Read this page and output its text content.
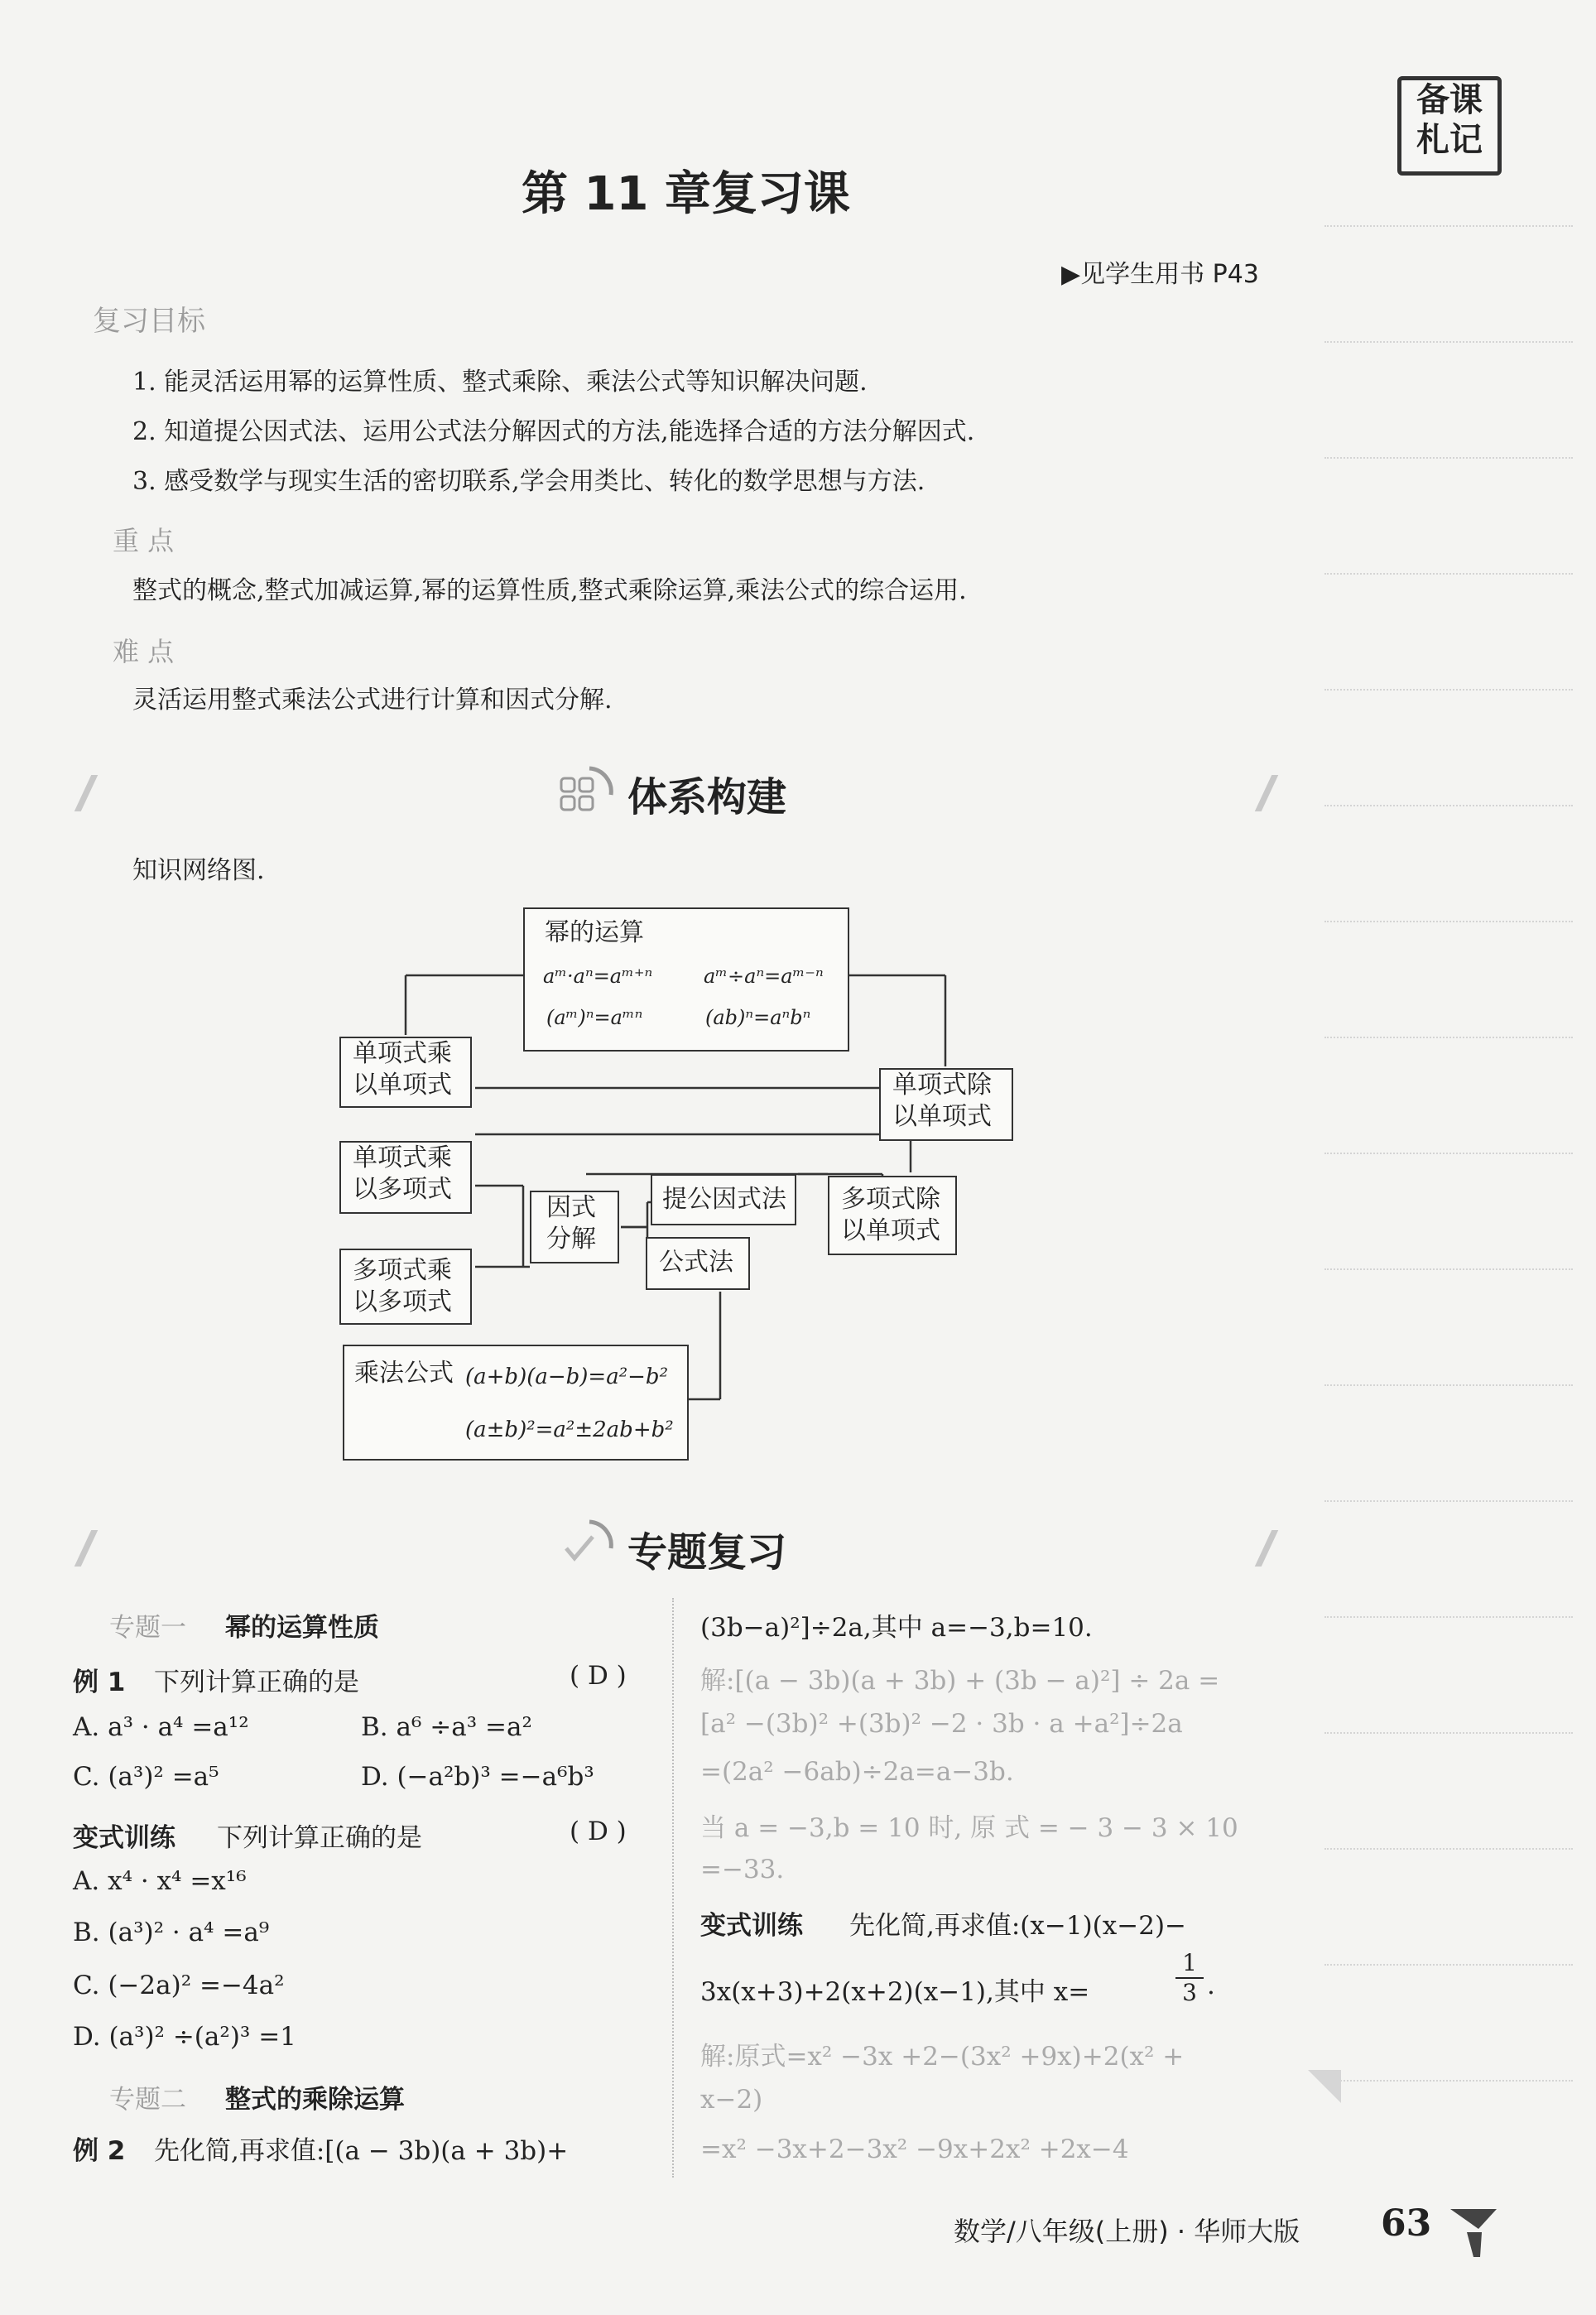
备课
札记
第 11 章复习课
▶见学生用书 P43
复习目标
1. 能灵活运用幂的运算性质、整式乘除、乘法公式等知识解决问题.
2. 知道提公因式法、运用公式法分解因式的方法,能选择合适的方法分解因式.
3. 感受数学与现实生活的密切联系,学会用类比、转化的数学思想与方法.
重 点
整式的概念,整式加减运算,幂的运算性质,整式乘除运算,乘法公式的综合运用.
难 点
灵活运用整式乘法公式进行计算和因式分解.
体系构建
知识网络图.
幂的运算
aᵐ·aⁿ=aᵐ⁺ⁿ	aᵐ÷aⁿ=aᵐ⁻ⁿ
(aᵐ)ⁿ=aᵐⁿ	(ab)ⁿ=aⁿbⁿ
单项式乘
以单项式	单项式除
以单项式
单项式乘
以多项式
因式
分解
提公因式法	多项式除
以单项式
公式法
多项式乘
以多项式
乘法公式 (a+b)(a−b)=a²−b²
(a±b)²=a²±2ab+b²
专题复习
专题一 幂的运算性质
例 1 下列计算正确的是	( D )
A. a³ · a⁴ =a¹²	B. a⁶ ÷a³ =a²
C. (a³)² =a⁵	D. (−a²b)³ =−a⁶b³
变式训练 下列计算正确的是	( D )
A. x⁴ · x⁴ =x¹⁶
B. (a³)² · a⁴ =a⁹
C. (−2a)² =−4a²
D. (a³)² ÷(a²)³ =1
专题二 整式的乘除运算
例 2 先化简,再求值:[(a − 3b)(a + 3b)+
(3b−a)²]÷2a,其中 a=−3,b=10.
解:[(a − 3b)(a + 3b) + (3b − a)²] ÷ 2a =
[a² −(3b)² +(3b)² −2 · 3b · a +a²]÷2a
=(2a² −6ab)÷2a=a−3b.
当 a = −3,b = 10 时, 原 式 = − 3 − 3 × 10
=−33.
变式训练 先化简,再求值:(x−1)(x−2)−
3x(x+3)+2(x+2)(x−1),其中 x=	$\frac{1}{3}$ .
解:原式=x² −3x +2−(3x² +9x)+2(x² +
x−2)
=x² −3x+2−3x² −9x+2x² +2x−4
数学/八年级(上册) · 华师大版 63
